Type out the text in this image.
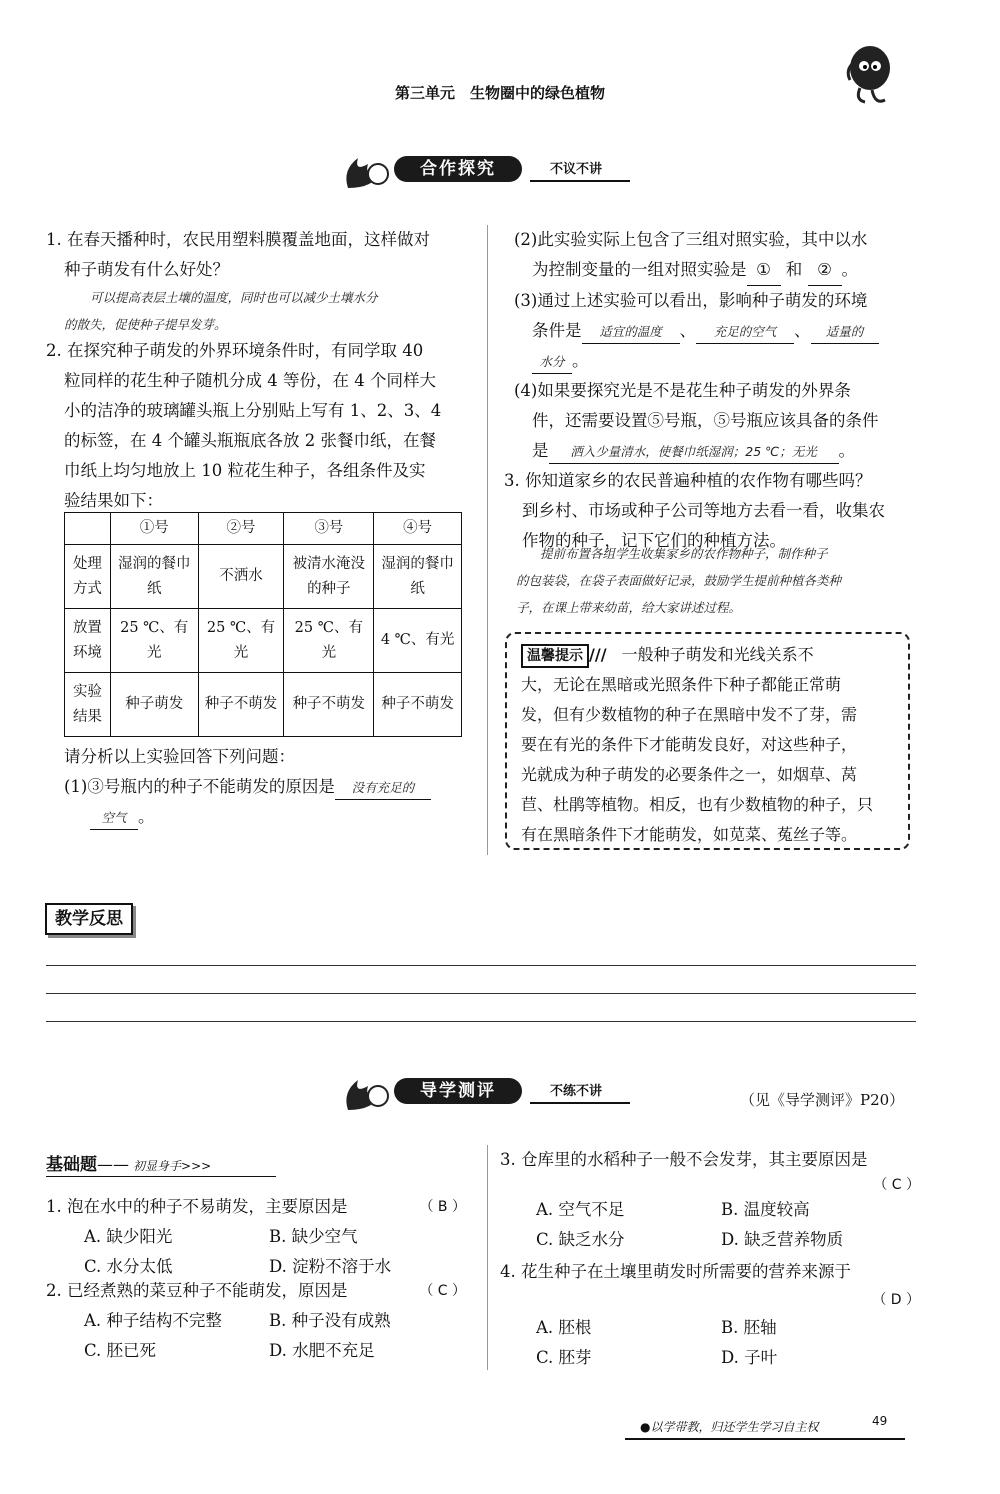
第三单元　生物圈中的绿色植物
合作探究	不议不讲
1. 在春天播种时，农民用塑料膜覆盖地面，这样做对
种子萌发有什么好处？
可以提高表层土壤的温度，同时也可以减少土壤水分
的散失，促使种子提早发芽。
2. 在探究种子萌发的外界环境条件时，有同学取 40
粒同样的花生种子随机分成 4 等份，在 4 个同样大
小的洁净的玻璃罐头瓶上分别贴上写有 1、2、3、4
的标签，在 4 个罐头瓶瓶底各放 2 张餐巾纸，在餐
巾纸上均匀地放上 10 粒花生种子，各组条件及实
验结果如下：
	①号	②号	③号	④号
处理方式	湿润的餐巾纸	不洒水	被清水淹没的种子	湿润的餐巾纸
放置环境	25 ℃、有光	25 ℃、有光	25 ℃、有光	4 ℃、有光
实验结果	种子萌发	种子不萌发	种子不萌发	种子不萌发
请分析以上实验回答下列问题：
(1)③号瓶内的种子不能萌发的原因是 没有充足的
空气 。
(2)此实验实际上包含了三组对照实验，其中以水
为控制变量的一组对照实验是 ① 和 ② 。
(3)通过上述实验可以看出，影响种子萌发的环境
条件是 适宜的温度 、 充足的空气 、 适量的
水分 。
(4)如果要探究光是不是花生种子萌发的外界条
件，还需要设置⑤号瓶，⑤号瓶应该具备的条件
是 洒入少量清水，使餐巾纸湿润；25 ℃；无光 。
3. 你知道家乡的农民普遍种植的农作物有哪些吗？
到乡村、市场或种子公司等地方去看一看，收集农
作物的种子，记下它们的种植方法。
提前布置各组学生收集家乡的农作物种子，制作种子
的包装袋，在袋子表面做好记录，鼓励学生提前种植各类种
子，在课上带来幼苗，给大家讲述过程。
温馨提示 /// 一般种子萌发和光线关系不
大，无论在黑暗或光照条件下种子都能正常萌
发，但有少数植物的种子在黑暗中发不了芽，需
要在有光的条件下才能萌发良好，对这些种子，
光就成为种子萌发的必要条件之一，如烟草、莴
苣、杜鹃等植物。相反，也有少数植物的种子，只
有在黑暗条件下才能萌发，如苋菜、菟丝子等。
教学反思
导学测评	不练不讲	（见《导学测评》P20）
基础题—— 初显身手>>>
1. 泡在水中的种子不易萌发，主要原因是	（ B ）
A. 缺少阳光	B. 缺少空气
C. 水分太低	D. 淀粉不溶于水
2. 已经煮熟的菜豆种子不能萌发，原因是	（ C ）
A. 种子结构不完整	B. 种子没有成熟
C. 胚已死	D. 水肥不充足
3. 仓库里的水稻种子一般不会发芽，其主要原因是
（ C ）
A. 空气不足	B. 温度较高
C. 缺乏水分	D. 缺乏营养物质
4. 花生种子在土壤里萌发时所需要的营养来源于
（ D ）
A. 胚根	B. 胚轴
C. 胚芽	D. 子叶
●以学带教，归还学生学习自主权	49
